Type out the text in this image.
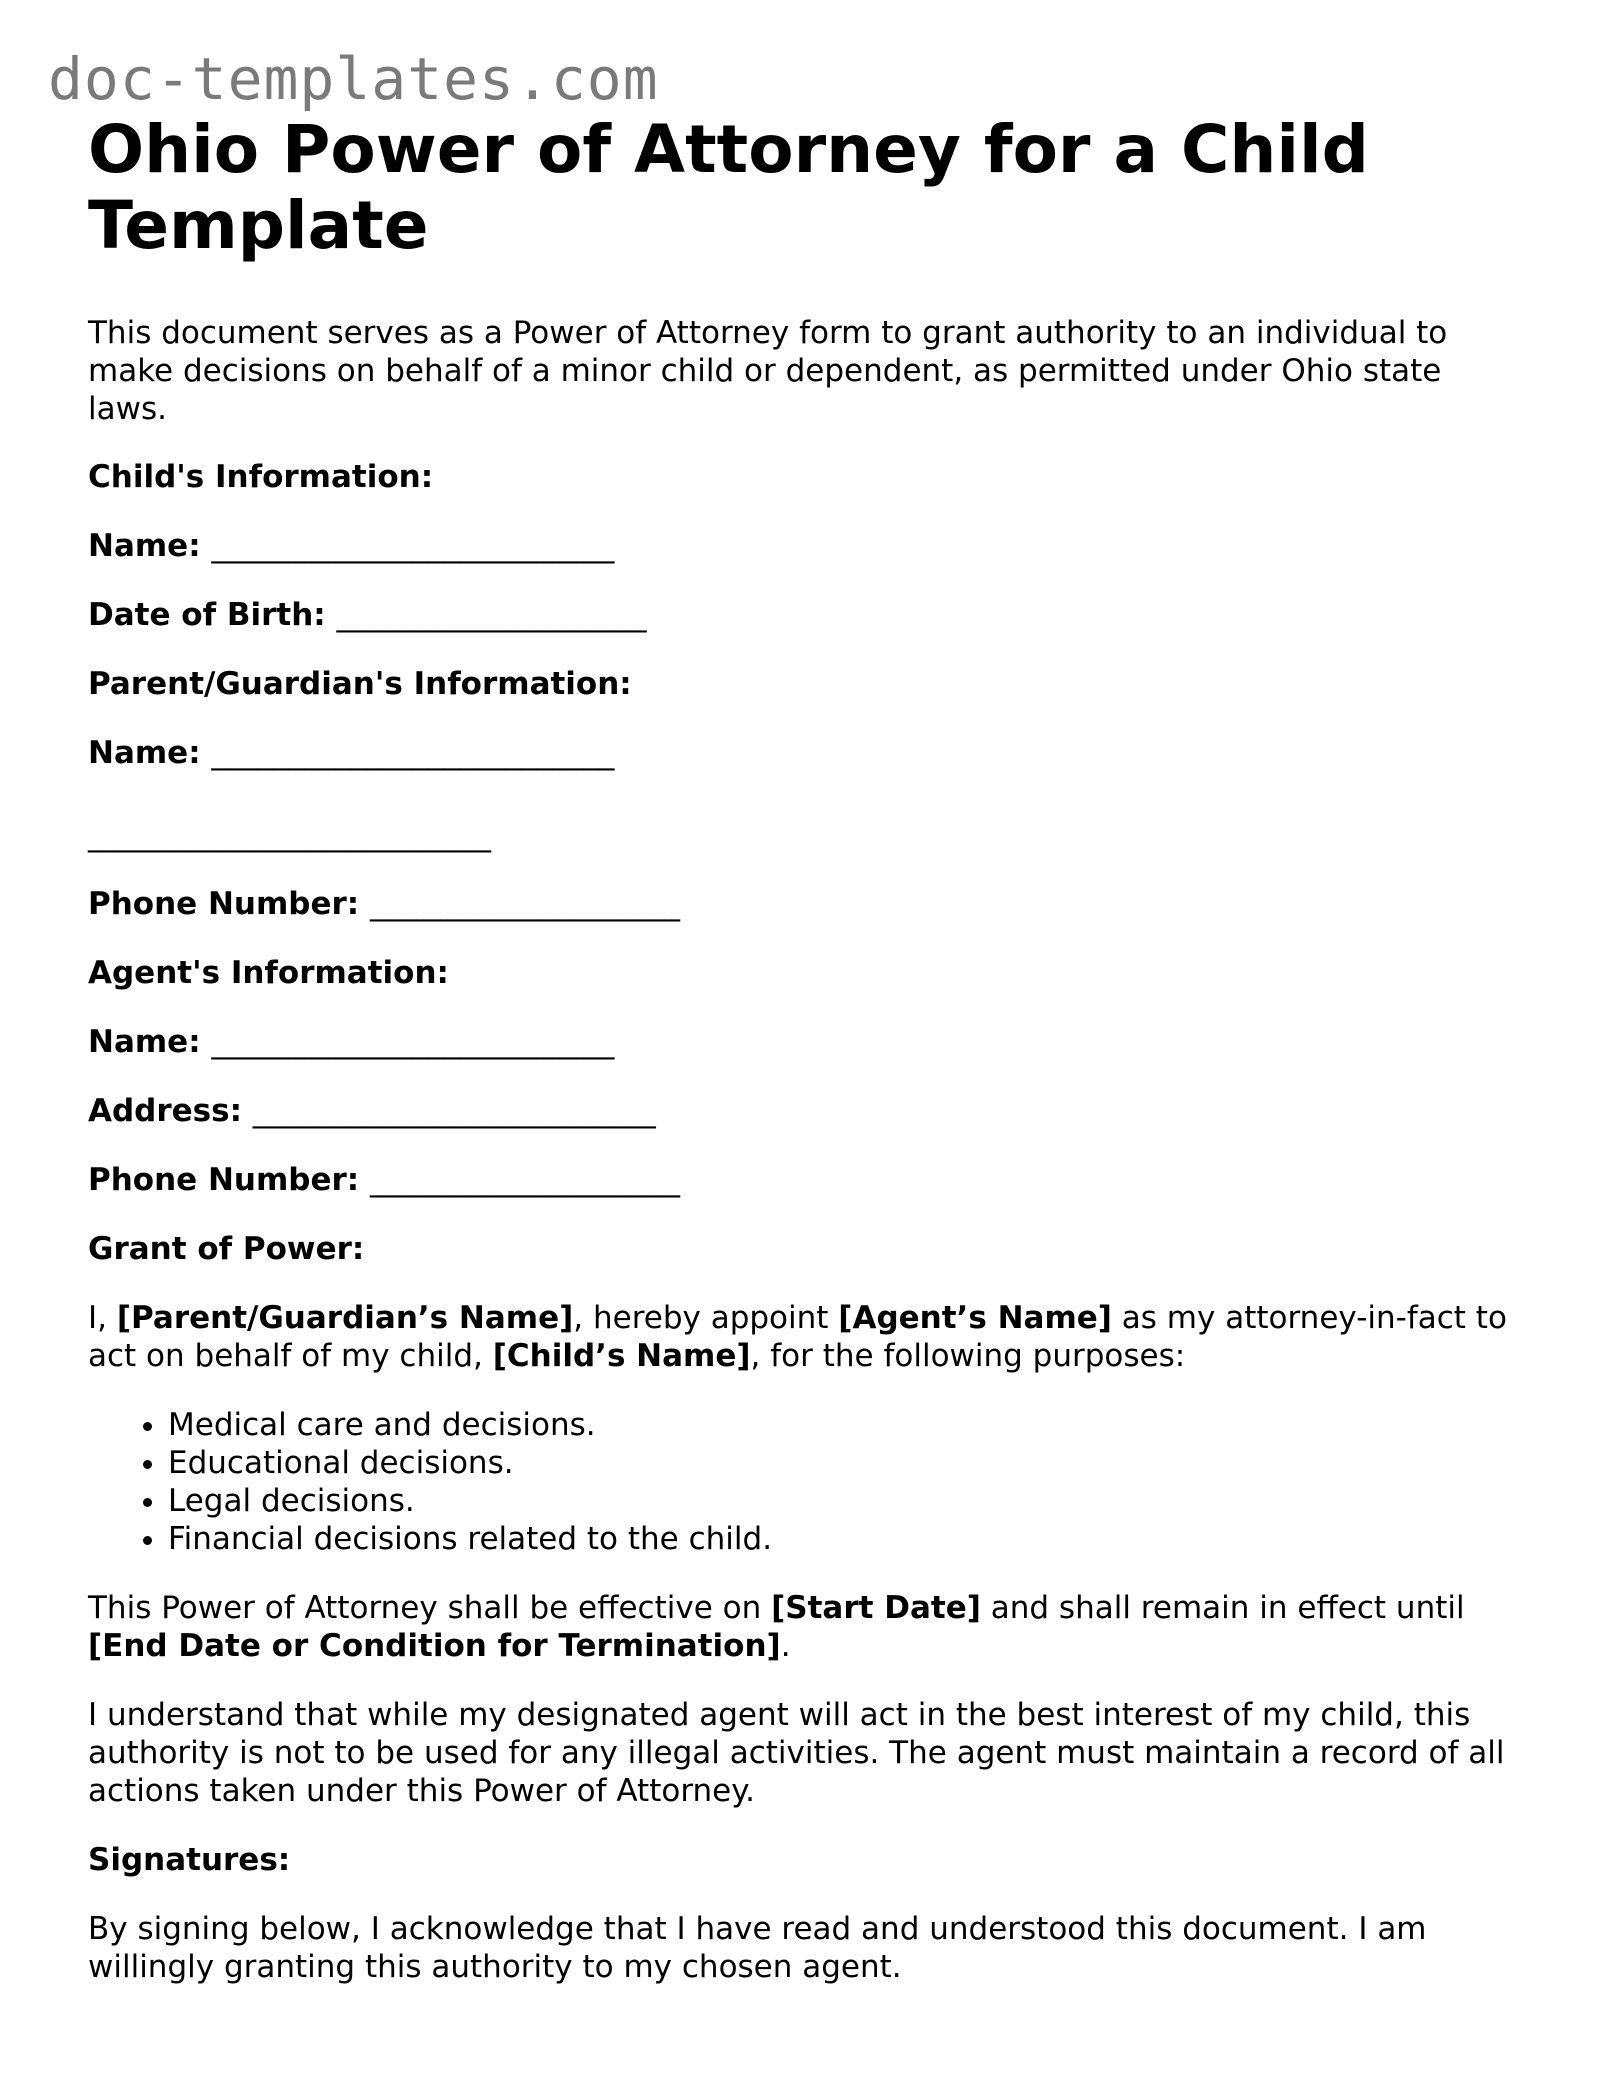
doc-templates.com
Ohio Power of Attorney for a Child Template

This document serves as a Power of Attorney form to grant authority to an individual to make decisions on behalf of a minor child or dependent, as permitted under Ohio state laws.

Child's Information:

Name: __________________________

Date of Birth: ____________________

Parent/Guardian's Information:

Name: __________________________

__________________________

Phone Number: ____________________

Agent's Information:

Name: __________________________

Address: __________________________

Phone Number: ____________________

Grant of Power:

I, [Parent/Guardian’s Name], hereby appoint [Agent’s Name] as my attorney-in-fact to act on behalf of my child, [Child’s Name], for the following purposes:

• Medical care and decisions.
• Educational decisions.
• Legal decisions.
• Financial decisions related to the child.

This Power of Attorney shall be effective on [Start Date] and shall remain in effect until [End Date or Condition for Termination].

I understand that while my designated agent will act in the best interest of my child, this authority is not to be used for any illegal activities. The agent must maintain a record of all actions taken under this Power of Attorney.

Signatures:

By signing below, I acknowledge that I have read and understood this document. I am willingly granting this authority to my chosen agent.
